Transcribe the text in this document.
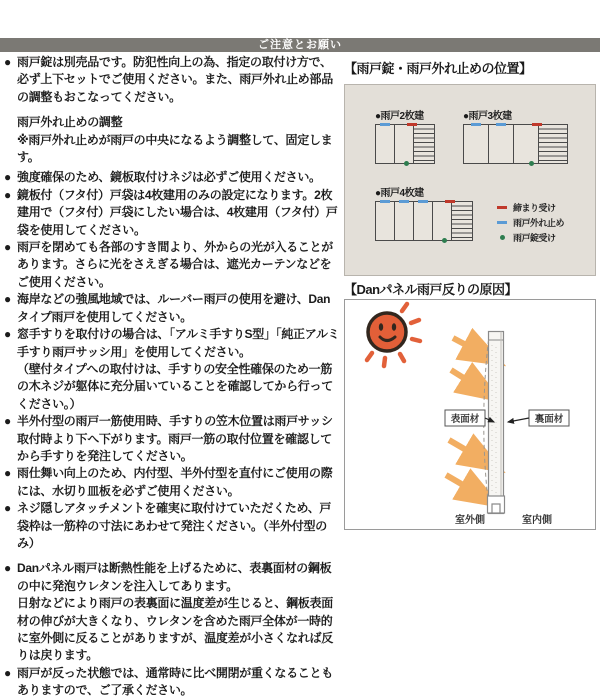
ご注意とお願い
● 雨戸錠は別売品です。防犯性向上の為、指定の取付け方で、必ず上下セットでご使用ください。また、雨戸外れ止め部品の調整もおこなってください。
雨戸外れ止めの調整
※雨戸外れ止めが雨戸の中央になるよう調整して、固定します。
● 強度確保のため、鏡板取付けネジは必ずご使用ください。
● 鏡板付（フタ付）戸袋は4枚建用のみの設定になります。2枚建用で（フタ付）戸袋にしたい場合は、4枚建用（フタ付）戸袋を使用してください。
● 雨戸を閉めても各部のすき間より、外からの光が入ることがあります。さらに光をさえぎる場合は、遮光カーテンなどをご使用ください。
● 海岸などの強風地域では、ルーバー雨戸の使用を避け、Danタイプ雨戸を使用してください。
● 窓手すりを取付けの場合は、「アルミ手すりS型」「純正アルミ手すり雨戸サッシ用」を使用してください。
（壁付タイプへの取付けは、手すりの安全性確保のため一筋の木ネジが躯体に充分届いていることを確認してから行ってください。）
● 半外付型の雨戸一筋使用時、手すりの笠木位置は雨戸サッシ取付時より下へ下がります。雨戸一筋の取付位置を確認してから手すりを発注してください。
● 雨仕舞い向上のため、内付型、半外付型を直付にご使用の際には、水切り皿板を必ずご使用ください。
● ネジ隠しアタッチメントを確実に取付けていただくため、戸袋枠は一筋枠の寸法にあわせて発注ください。（半外付型のみ）
● Danパネル雨戸は断熱性能を上げるために、表裏面材の鋼板の中に発泡ウレタンを注入してあります。
日射などにより雨戸の表裏面に温度差が生じると、鋼板表面材の伸びが大きくなり、ウレタンを含めた雨戸全体が一時的に室外側に反ることがありますが、温度差が小さくなれば反りは戻ります。
● 雨戸が反った状態では、通常時に比べ開閉が重くなることもありますので、ご了承ください。
【雨戸錠・雨戸外れ止めの位置】
●雨戸2枚建	●雨戸3枚建
●雨戸4枚建
締まり受け
雨戸外れ止め
雨戸錠受け
【Danパネル雨戸反りの原因】
表面材	裏面材
室外側	室内側
